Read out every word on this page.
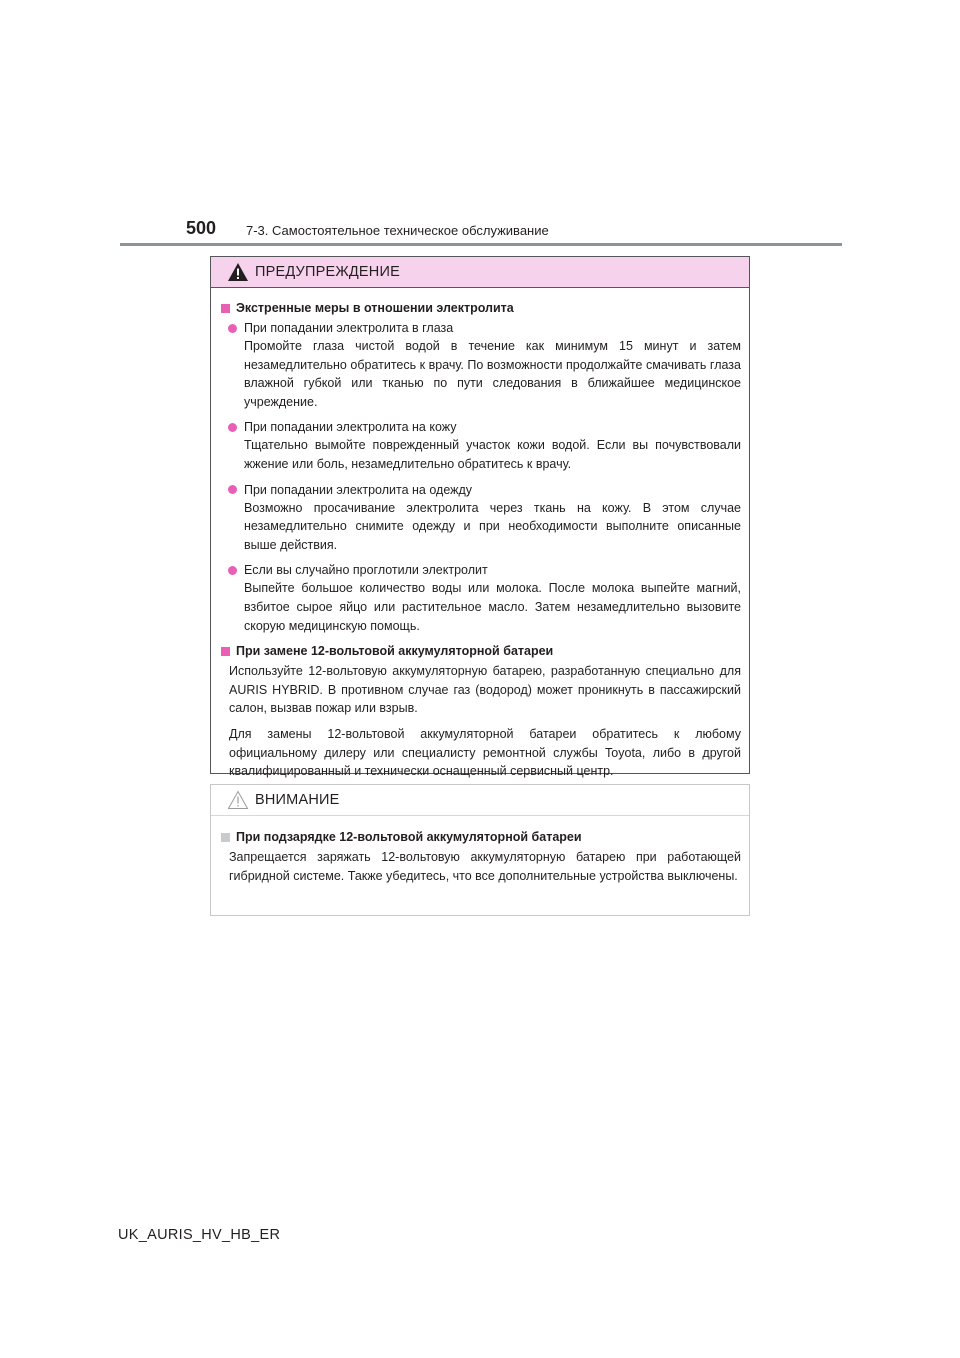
500 7-3. Самостоятельное техническое обслуживание
ПРЕДУПРЕЖДЕНИЕ
Экстренные меры в отношении электролита
При попадании электролита в глаза

Промойте глаза чистой водой в течение как минимум 15 минут и затем незамедлительно обратитесь к врачу. По возможности продолжайте смачивать глаза влажной губкой или тканью по пути следования в ближайшее медицинское учреждение.

При попадании электролита на кожу

Тщательно вымойте поврежденный участок кожи водой. Если вы почувствовали жжение или боль, незамедлительно обратитесь к врачу.

При попадании электролита на одежду

Возможно просачивание электролита через ткань на кожу. В этом случае незамедлительно снимите одежду и при необходимости выполните описанные выше действия.

Если вы случайно проглотили электролит

Выпейте большое количество воды или молока. После молока выпейте магний, взбитое сырое яйцо или растительное масло. Затем незамедлительно вызовите скорую медицинскую помощь.

При замене 12-вольтовой аккумуляторной батареи

Используйте 12-вольтовую аккумуляторную батарею, разработанную специально для AURIS HYBRID. В противном случае газ (водород) может проникнуть в пассажирский салон, вызвав пожар или взрыв.

Для замены 12-вольтовой аккумуляторной батареи обратитесь к любому официальному дилеру или специалисту ремонтной службы Toyota, либо в другой квалифицированный и технически оснащенный сервисный центр.

ВНИМАНИЕ
При подзарядке 12-вольтовой аккумуляторной батареи

Запрещается заряжать 12-вольтовую аккумуляторную батарею при работающей гибридной системе. Также убедитесь, что все дополнительные устройства выключены.

UK_AURIS_HV_HB_ER
